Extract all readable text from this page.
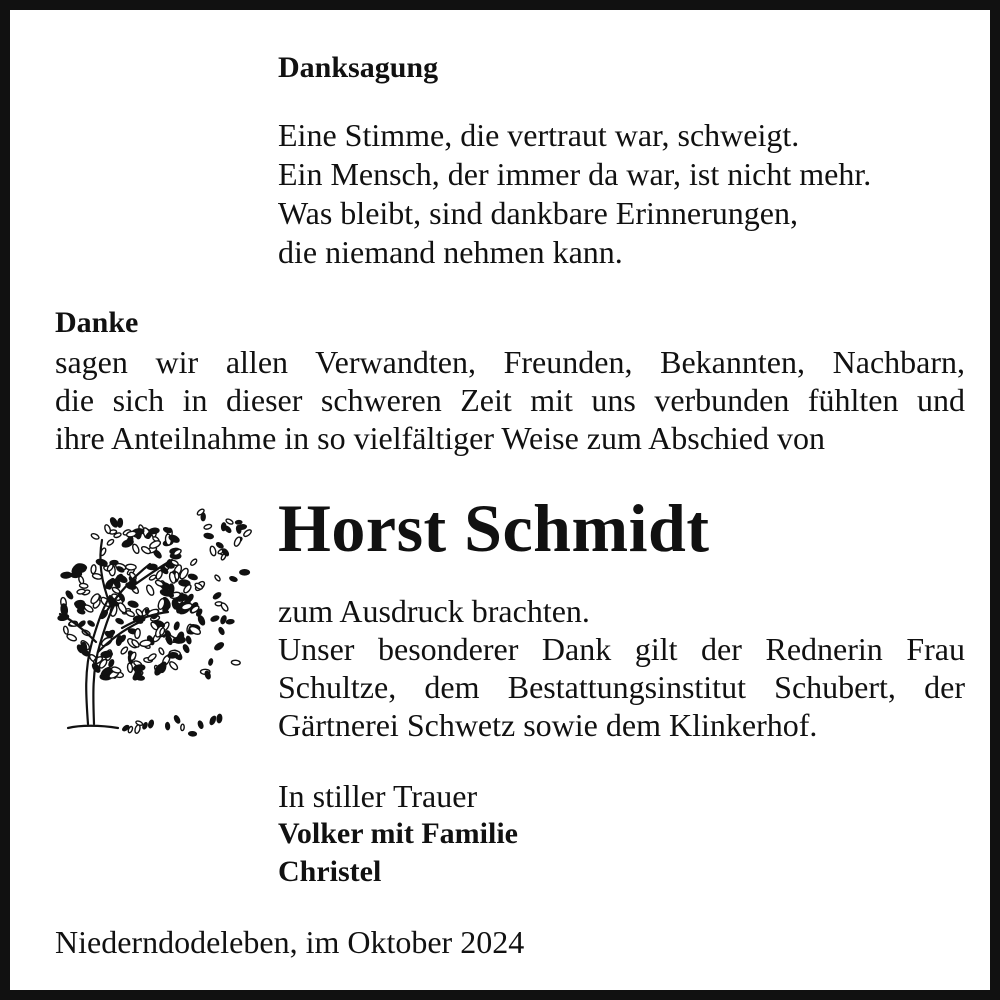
Danksagung
Eine Stimme, die vertraut war, schweigt.
Ein Mensch, der immer da war, ist nicht mehr.
Was bleibt, sind dankbare Erinnerungen,
die niemand nehmen kann.
Danke
sagen wir allen Verwandten, Freunden, Bekannten, Nachbarn,
die sich in dieser schweren Zeit mit uns verbunden fühlten und
ihre Anteilnahme in so vielfältiger Weise zum Abschied von
Horst Schmidt
zum Ausdruck brachten.
Unser besonderer Dank gilt der Rednerin Frau
Schultze, dem Bestattungsinstitut Schubert, der
Gärtnerei Schwetz sowie dem Klinkerhof.
In stiller Trauer
Volker mit Familie
Christel
Niederndodeleben, im Oktober 2024
